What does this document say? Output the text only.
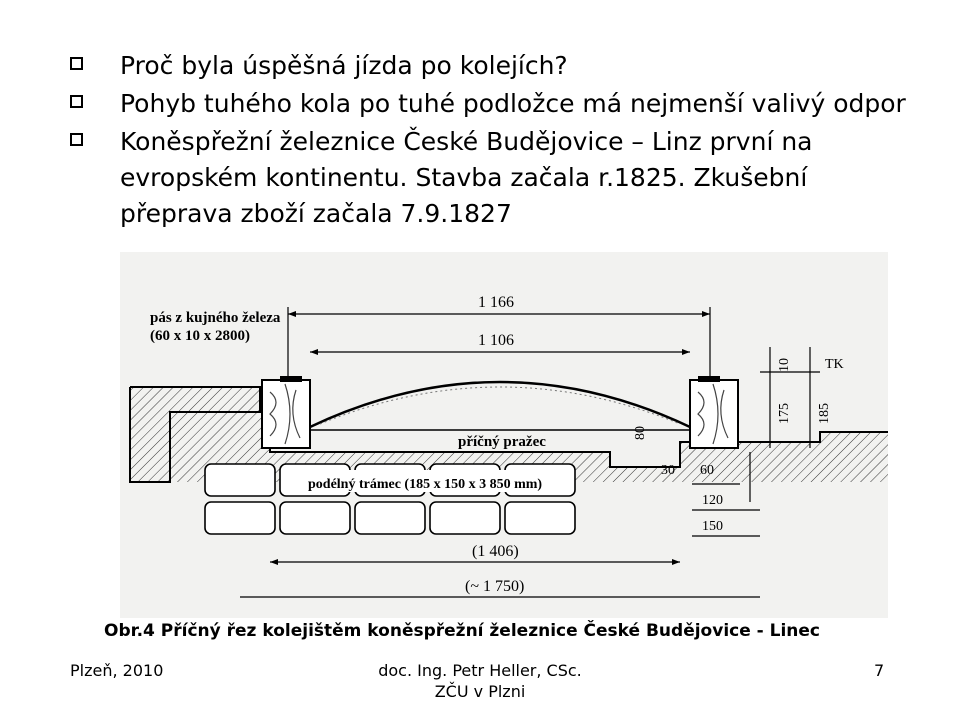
Proč byla úspěšná jízda po kolejích?
Pohyb tuhého kola po tuhé podložce má nejmenší valivý odpor
Koněspřežní železnice České Budějovice – Linz první na evropském kontinentu. Stavba začala r.1825. Zkušební přeprava zboží začala 7.9.1827
pás z kujného železa
(60 x 10 x 2800)
1 166
1 106
příčný pražec
podélný trámec (185 x 150 x 3 850 mm)
(1 406)
(~ 1 750)
TK
10
175 185
80
30 60
120
150
Obr.4 Příčný řez kolejištěm koněspřežní železnice České Budějovice - Linec
Plzeň, 2010	doc. Ing. Petr Heller, CSc.
ZČU v Plzni
7
